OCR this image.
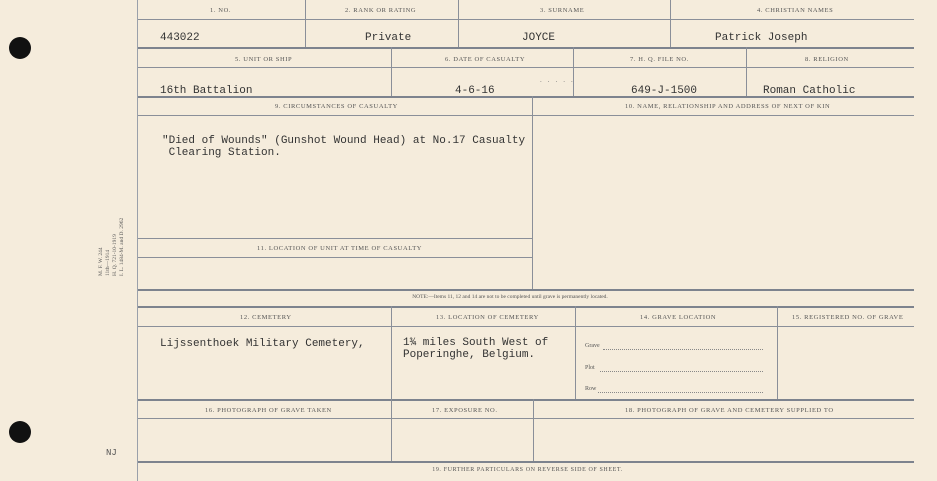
M. F. W. 244 11th—1914 H. Q. 721-10-1919 I. L. 1484-M. and D. 2962
NJ
1. NO.	2. RANK OR RATING	3. SURNAME	4. CHRISTIAN NAMES
443022	Private	JOYCE	Patrick Joseph
5. UNIT OR SHIP	6. DATE OF CASUALTY	7. H. Q. FILE NO.	8. RELIGION
.....
16th Battalion	4-6-16	649-J-1500	Roman Catholic
9. CIRCUMSTANCES OF CASUALTY	10. NAME, RELATIONSHIP AND ADDRESS OF NEXT OF KIN
"Died of Wounds" (Gunshot Wound Head) at No.17 Casualty
Clearing Station.
11. LOCATION OF UNIT AT TIME OF CASUALTY
NOTE:—Items 11, 12 and 14 are not to be completed until grave is permanently located.
12. CEMETERY	13. LOCATION OF CEMETERY	14. GRAVE LOCATION	15. REGISTERED NO. OF GRAVE
Lijssenthoek Military Cemetery,	1¾ miles South West of
Poperinghe, Belgium.
Grave
Plot
Row
16. PHOTOGRAPH OF GRAVE TAKEN	17. EXPOSURE NO.	18. PHOTOGRAPH OF GRAVE AND CEMETERY SUPPLIED TO
19. FURTHER PARTICULARS ON REVERSE SIDE OF SHEET.
